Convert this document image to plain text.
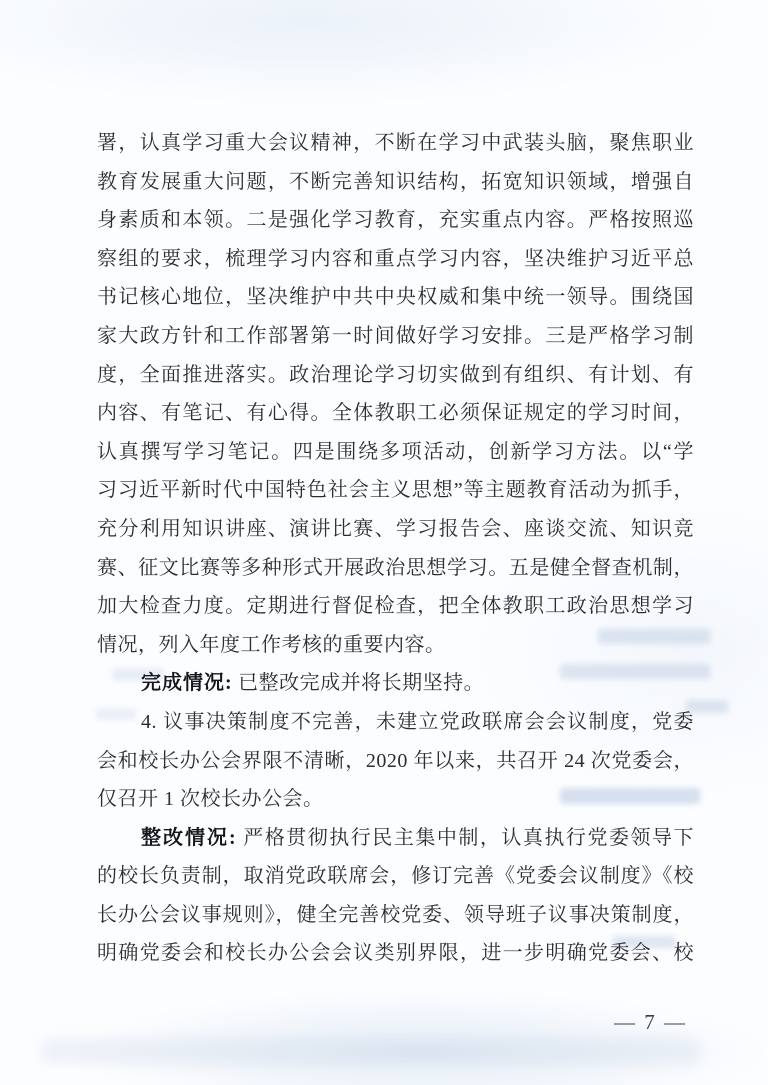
署，认真学习重大会议精神，不断在学习中武装头脑，聚焦职业
教育发展重大问题，不断完善知识结构，拓宽知识领域，增强自
身素质和本领。二是强化学习教育，充实重点内容。严格按照巡
察组的要求，梳理学习内容和重点学习内容，坚决维护习近平总
书记核心地位，坚决维护中共中央权威和集中统一领导。围绕国
家大政方针和工作部署第一时间做好学习安排。三是严格学习制
度，全面推进落实。政治理论学习切实做到有组织、有计划、有
内容、有笔记、有心得。全体教职工必须保证规定的学习时间，
认真撰写学习笔记。四是围绕多项活动，创新学习方法。以“学
习习近平新时代中国特色社会主义思想”等主题教育活动为抓手，
充分利用知识讲座、演讲比赛、学习报告会、座谈交流、知识竞
赛、征文比赛等多种形式开展政治思想学习。五是健全督查机制，
加大检查力度。定期进行督促检查，把全体教职工政治思想学习
情况，列入年度工作考核的重要内容。
完成情况: 已整改完成并将长期坚持。
4. 议事决策制度不完善，未建立党政联席会会议制度，党委
会和校长办公会界限不清晰，2020 年以来，共召开 24 次党委会，
仅召开 1 次校长办公会。
整改情况: 严格贯彻执行民主集中制，认真执行党委领导下
的校长负责制，取消党政联席会，修订完善《党委会议制度》《校
长办公会议事规则》，健全完善校党委、领导班子议事决策制度，
明确党委会和校长办公会会议类别界限，进一步明确党委会、校
— 7 —
